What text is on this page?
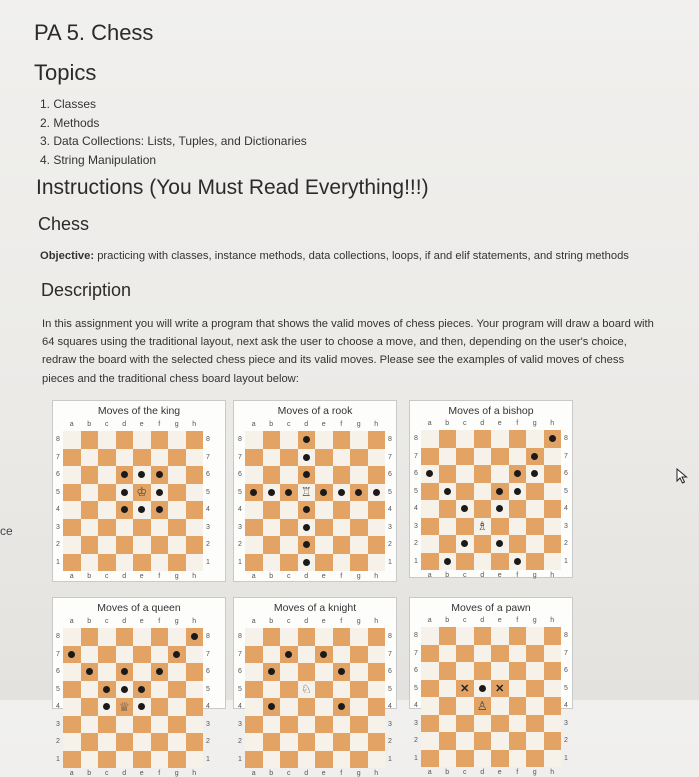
ce
PA 5. Chess
Topics
1. Classes
2. Methods
3. Data Collections: Lists, Tuples, and Dictionaries
4. String Manipulation
Instructions (You Must Read Everything!!!)
Chess
Objective: practicing with classes, instance methods, data collections, loops, if and elif statements, and string methods
Description
In this assignment you will write a program that shows the valid moves of chess pieces. Your program will draw a board with 64 squares using the traditional layout, next ask the user to choose a move, and then, depending on the user's choice, redraw the board with the selected chess piece and its valid moves. Please see the examples of valid moves of chess pieces and the traditional chess board layout below:
Moves of the king
a	b	c	d	e	f	g	h
a	b	c	d	e	f	g	h
8
7
6
5
4
3
2
1
8
7
6
5
4
3
2
1
♔
Moves of a rook
a	b	c	d	e	f	g	h
a	b	c	d	e	f	g	h
8
7
6
5
4
3
2
1
8
7
6
5
4
3
2
1
♖
Moves of a bishop
a	b	c	d	e	f	g	h
a	b	c	d	e	f	g	h
8
7
6
5
4
3
2
1
8
7
6
5
4
3
2
1
♗
Moves of a queen
a	b	c	d	e	f	g	h
a	b	c	d	e	f	g	h
8
7
6
5
4
3
2
1
8
7
6
5
4
3
2
1
♕
Moves of a knight
a	b	c	d	e	f	g	h
a	b	c	d	e	f	g	h
8
7
6
5
4
3
2
1
8
7
6
5
4
3
2
1
♘
Moves of a pawn
a	b	c	d	e	f	g	h
a	b	c	d	e	f	g	h
8
7
6
5
4
3
2
1
8
7
6
5
4
3
2
1
✕	✕
♙
